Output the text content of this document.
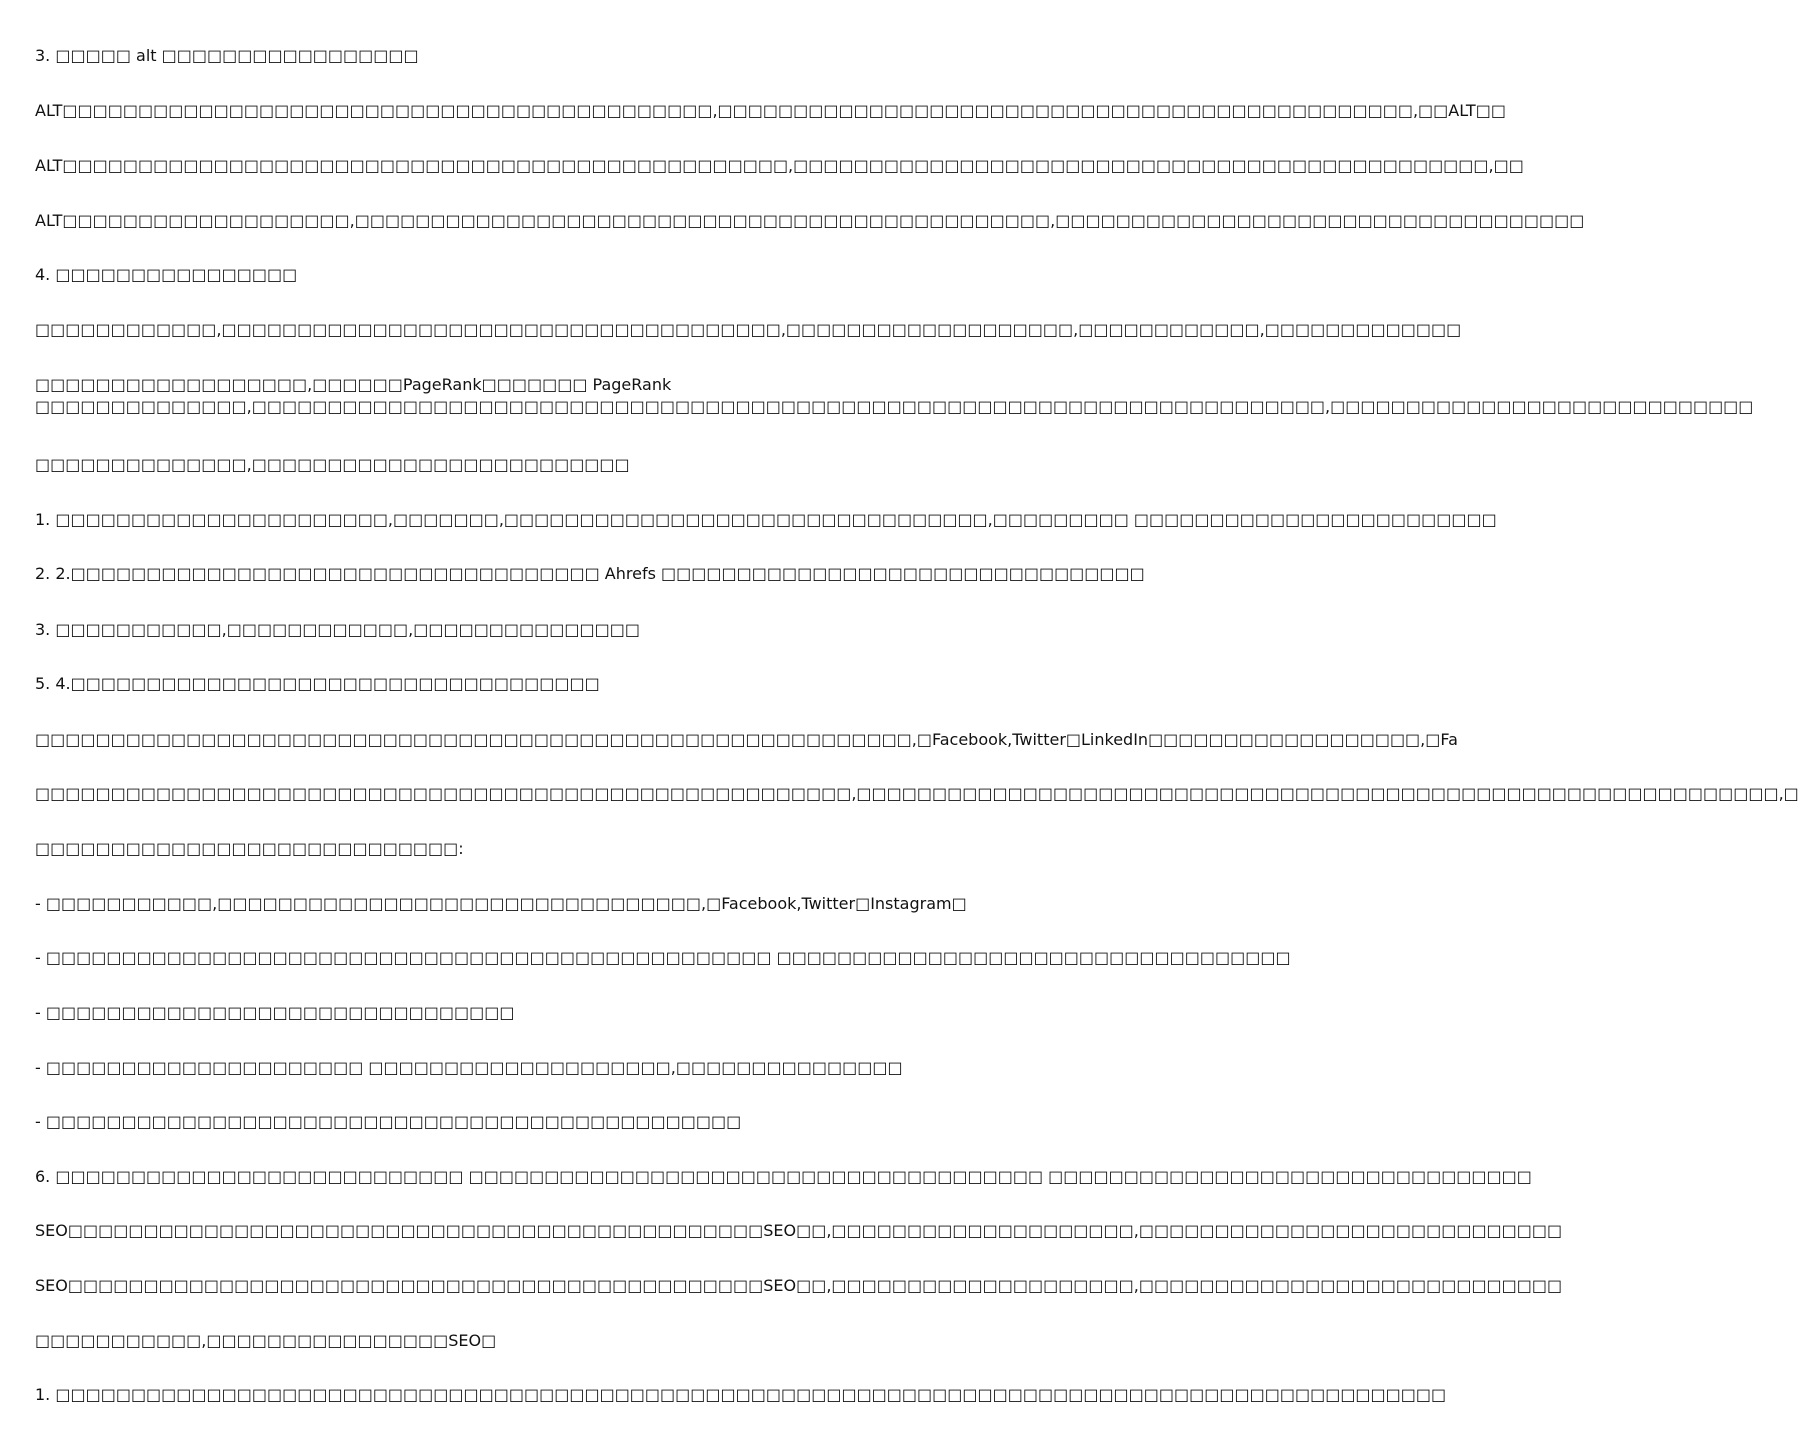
3. □□□□□ alt □□□□□□□□□□□□□□□□□
ALT□□□□□□□□□□□□□□□□□□□□□□□□□□□□□□□□□□□□□□□□□□□,□□□□□□□□□□□□□□□□□□□□□□□□□□□□□□□□□□□□□□□□□□□□□□,□□ALT□□
ALT□□□□□□□□□□□□□□□□□□□□□□□□□□□□□□□□□□□□□□□□□□□□□□□□,□□□□□□□□□□□□□□□□□□□□□□□□□□□□□□□□□□□□□□□□□□□□□□,□□
ALT□□□□□□□□□□□□□□□□□□□,□□□□□□□□□□□□□□□□□□□□□□□□□□□□□□□□□□□□□□□□□□□□□□,□□□□□□□□□□□□□□□□□□□□□□□□□□□□□□□□□□□
4. □□□□□□□□□□□□□□□□
□□□□□□□□□□□□,□□□□□□□□□□□□□□□□□□□□□□□□□□□□□□□□□□□□□,□□□□□□□□□□□□□□□□□□□,□□□□□□□□□□□□,□□□□□□□□□□□□□
□□□□□□□□□□□□□□□□□□,□□□□□□PageRank□□□□□□□ PageRank □□□□□□□□□□□□□□,□□□□□□□□□□□□□□□□□□□□□□□□□□□□□□□□□□□□□□□□□□□□□□□□□□□□□□□□□□□□□□□□□□□□□□□,□□□□□□□□□□□□□□□□□□□□□□□□□□□□
□□□□□□□□□□□□□□,□□□□□□□□□□□□□□□□□□□□□□□□□
1. □□□□□□□□□□□□□□□□□□□□□□,□□□□□□□,□□□□□□□□□□□□□□□□□□□□□□□□□□□□□□□□,□□□□□□□□□ □□□□□□□□□□□□□□□□□□□□□□□□
2. 2.□□□□□□□□□□□□□□□□□□□□□□□□□□□□□□□□□□□ Ahrefs □□□□□□□□□□□□□□□□□□□□□□□□□□□□□□□□
3. □□□□□□□□□□□,□□□□□□□□□□□□,□□□□□□□□□□□□□□□
5. 4.□□□□□□□□□□□□□□□□□□□□□□□□□□□□□□□□□□□
□□□□□□□□□□□□□□□□□□□□□□□□□□□□□□□□□□□□□□□□□□□□□□□□□□□□□□□□□□,□Facebook,Twitter□LinkedIn□□□□□□□□□□□□□□□□□□,□Fa
□□□□□□□□□□□□□□□□□□□□□□□□□□□□□□□□□□□□□□□□□□□□□□□□□□□□□□,□□□□□□□□□□□□□□□□□□□□□□□□□□□□□□□□□□□□□□□□□□□□□□□□□□□□□□□□□□□□□,□
□□□□□□□□□□□□□□□□□□□□□□□□□□□□:
- □□□□□□□□□□□,□□□□□□□□□□□□□□□□□□□□□□□□□□□□□□□□,□Facebook,Twitter□Instagram□
- □□□□□□□□□□□□□□□□□□□□□□□□□□□□□□□□□□□□□□□□□□□□□□□□ □□□□□□□□□□□□□□□□□□□□□□□□□□□□□□□□□□
- □□□□□□□□□□□□□□□□□□□□□□□□□□□□□□□
- □□□□□□□□□□□□□□□□□□□□□ □□□□□□□□□□□□□□□□□□□□,□□□□□□□□□□□□□□□
- □□□□□□□□□□□□□□□□□□□□□□□□□□□□□□□□□□□□□□□□□□□□□□
6. □□□□□□□□□□□□□□□□□□□□□□□□□□□ □□□□□□□□□□□□□□□□□□□□□□□□□□□□□□□□□□□□□□ □□□□□□□□□□□□□□□□□□□□□□□□□□□□□□□□
SEO□□□□□□□□□□□□□□□□□□□□□□□□□□□□□□□□□□□□□□□□□□□□□□SEO□□,□□□□□□□□□□□□□□□□□□□□,□□□□□□□□□□□□□□□□□□□□□□□□□□□□
SEO□□□□□□□□□□□□□□□□□□□□□□□□□□□□□□□□□□□□□□□□□□□□□□SEO□□,□□□□□□□□□□□□□□□□□□□□,□□□□□□□□□□□□□□□□□□□□□□□□□□□□
□□□□□□□□□□□,□□□□□□□□□□□□□□□□SEO□
1. □□□□□□□□□□□□□□□□□□□□□□□□□□□□□□□□□□□□□□□□□□□□□□□□□□□□□□□□□□□□□□□□□□□□□□□□□□□□□□□□□□□□□□□□□□□□
